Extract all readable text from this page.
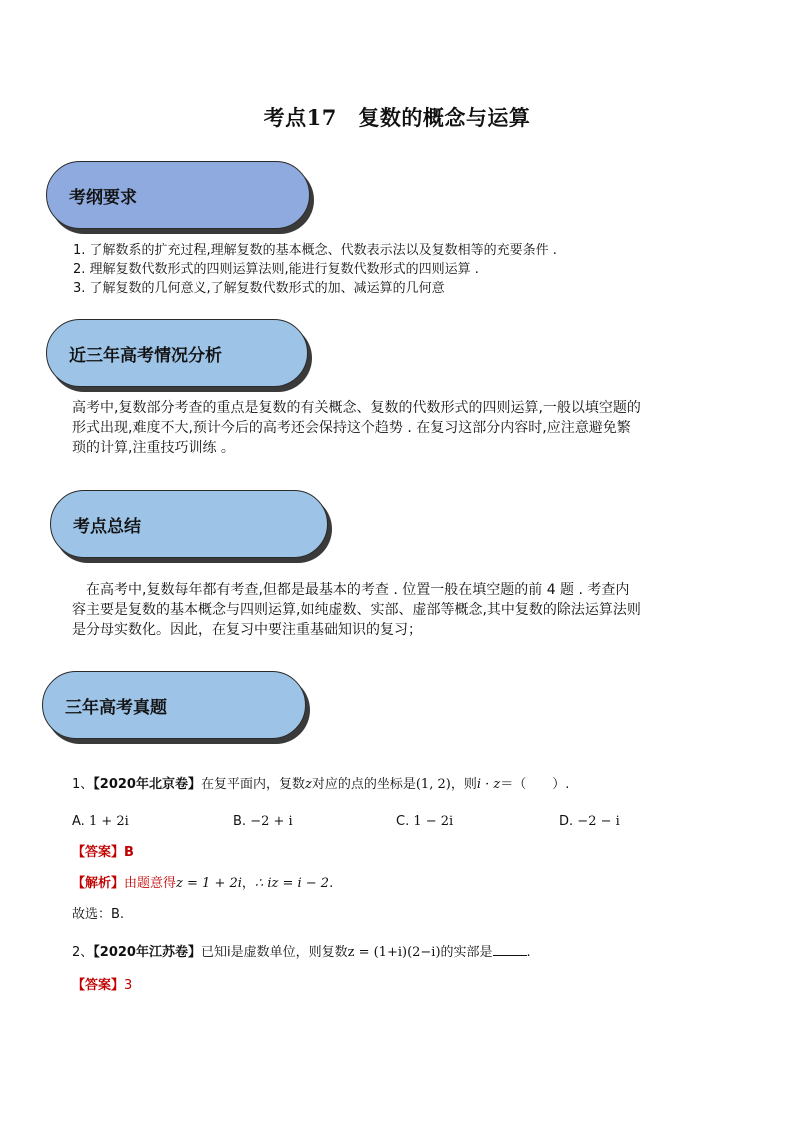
考点17　复数的概念与运算
考纲要求
1. 了解数系的扩充过程,理解复数的基本概念、代数表示法以及复数相等的充要条件 .
2. 理解复数代数形式的四则运算法则,能进行复数代数形式的四则运算 .
3. 了解复数的几何意义,了解复数代数形式的加、减运算的几何意
近三年高考情况分析
高考中,复数部分考查的重点是复数的有关概念、复数的代数形式的四则运算,一般以填空题的
形式出现,难度不大,预计今后的高考还会保持这个趋势 . 在复习这部分内容时,应注意避免繁
琐的计算,注重技巧训练 。
考点总结
　在高考中,复数每年都有考查,但都是最基本的考查 . 位置一般在填空题的前 4 题 . 考查内
容主要是复数的基本概念与四则运算,如纯虚数、实部、虚部等概念,其中复数的除法运算法则
是分母实数化。因此，在复习中要注重基础知识的复习；
三年高考真题
1、【2020年北京卷】在复平面内，复数z对应的点的坐标是(1, 2)，则i · z＝（　　）.
A. 1 + 2i	B. −2 + i	C. 1 − 2i	D. −2 − i
【答案】B
【解析】由题意得z = 1 + 2i，∴ iz = i − 2.
故选：B.
2、【2020年江苏卷】已知i是虚数单位，则复数z = (1+i)(2−i)的实部是	.
【答案】3
